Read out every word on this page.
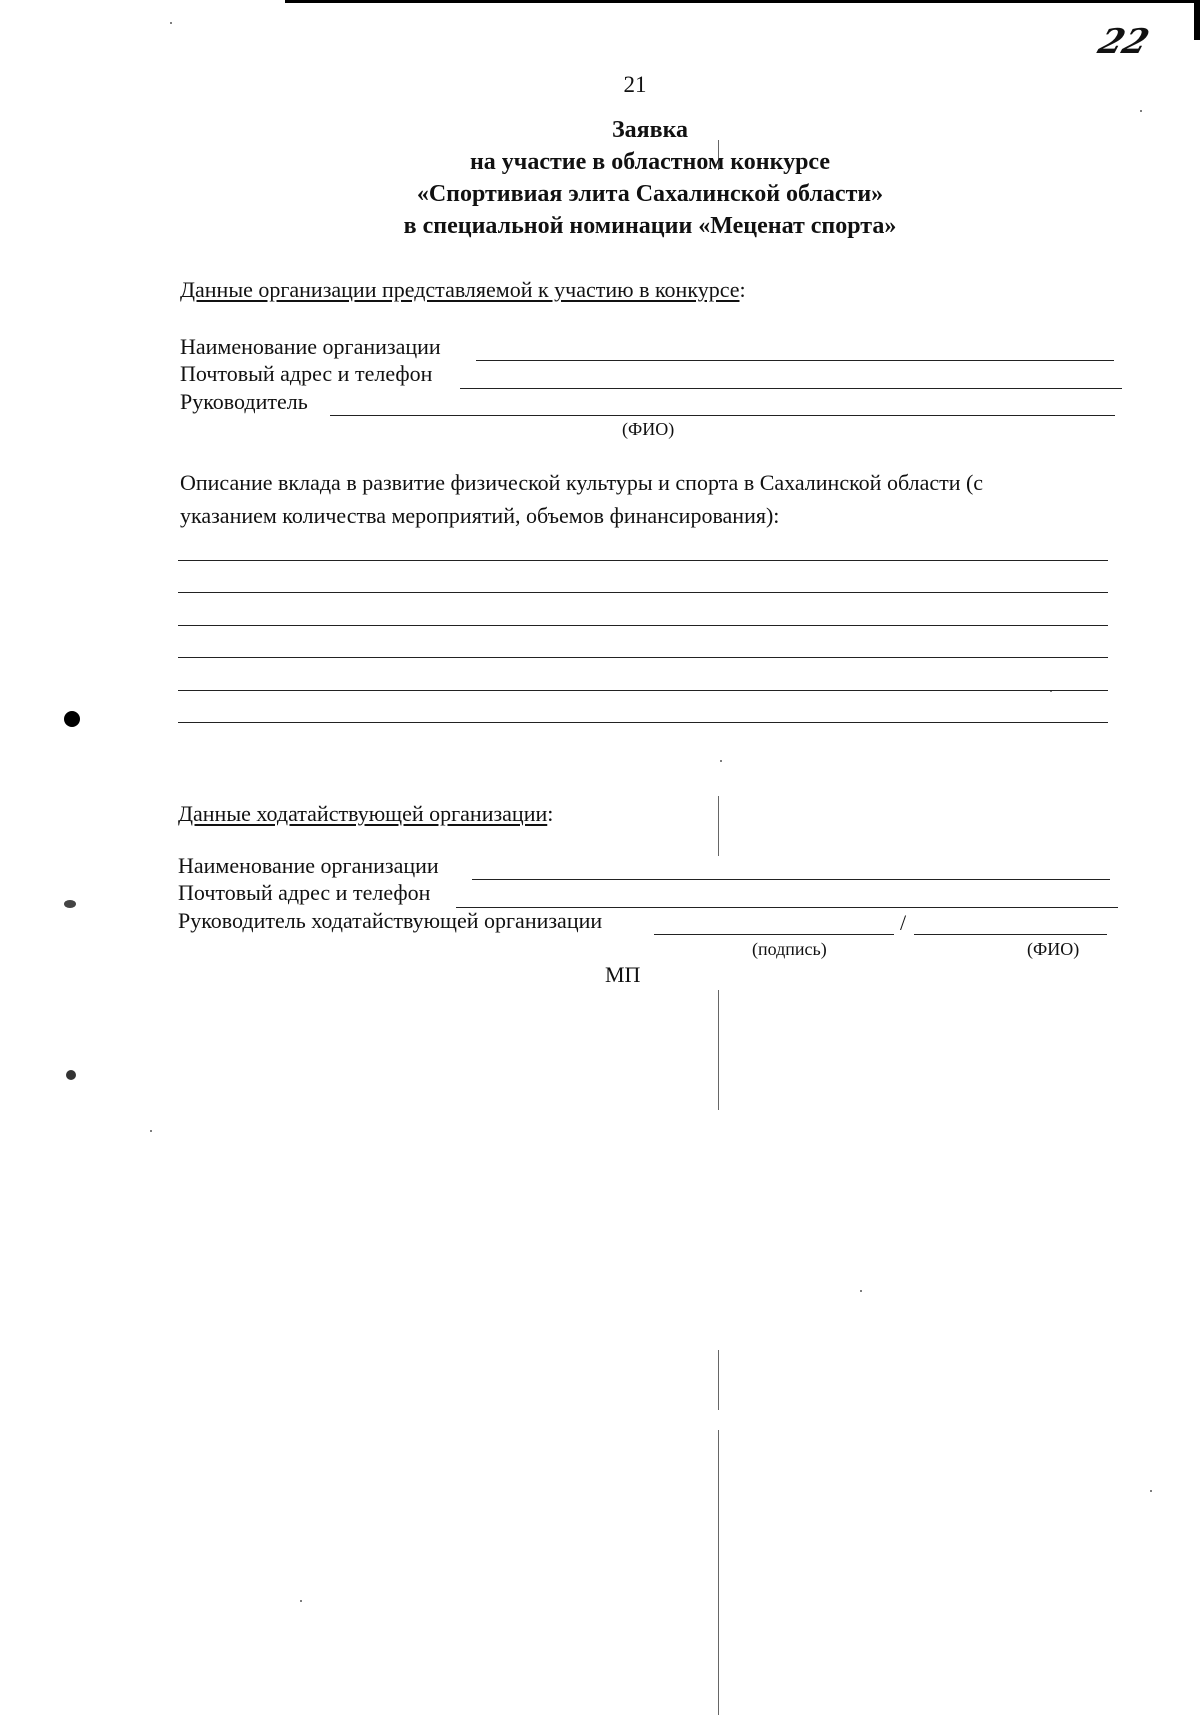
22
21
Заявка
на участие в областном конкурсе
«Спортивиая элита Сахалинской области»
в специальной номинации «Меценат спорта»
Данные организации представляемой к участию в конкурсе:
Наименование организации
Почтовый адрес и телефон
Руководитель
(ФИО)
Описание вклада в развитие физической культуры и спорта в Сахалинской области (с
указанием количества мероприятий, объемов финансирования):
Данные ходатайствующей организации:
Наименование организации
Почтовый адрес и телефон
Руководитель ходатайствующей организации	/
(подпись)	(ФИО)
МП
